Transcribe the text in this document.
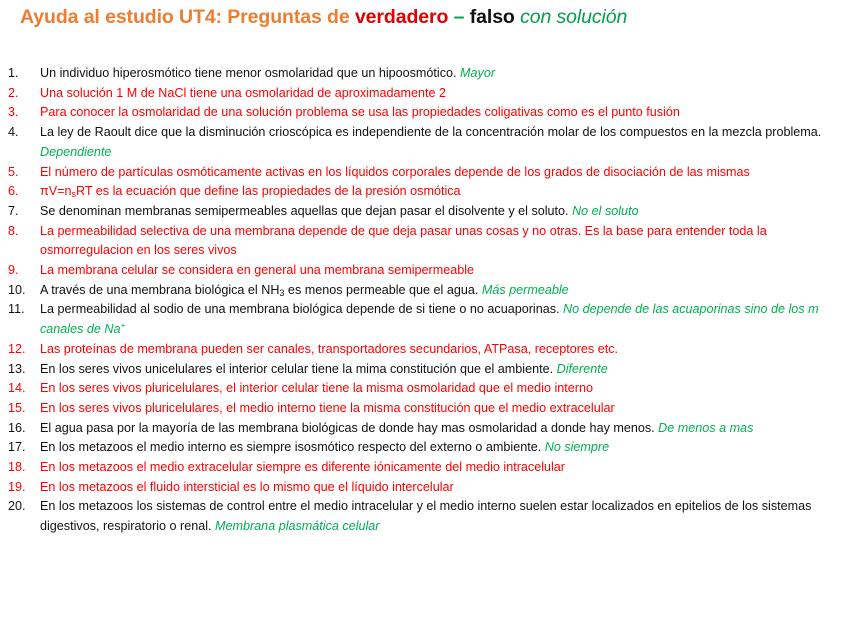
Ayuda al estudio UT4: Preguntas de verdadero – falso con solución
1.	Un individuo hiperosmótico tiene menor osmolaridad que un hipoosmótico. Mayor
2.	Una solución 1 M de NaCl tiene una osmolaridad de aproximadamente 2
3.	Para conocer la osmolaridad de una solución problema se usa las propiedades coligativas como es el punto fusión
4.	La ley de Raoult dice que la disminución crioscópica es independiente de la concentración molar de los compuestos en la mezcla problema. Dependiente
5.	El número de partículas osmóticamente activas en los líquidos corporales depende de los grados de disociación de las mismas
6.	$\pi V=n_sRT$ es la ecuación que define las propiedades de la presión osmótica
7.	Se denominan membranas semipermeables aquellas que dejan pasar el disolvente y el soluto. No el soluto
8.	La permeabilidad selectiva de una membrana depende de que deja pasar unas cosas y no otras. Es la base para entender toda la osmorregulacion en los seres vivos
9.	La membrana celular se considera en general una membrana semipermeable
10.	A través de una membrana biológica el $NH_3$ es menos permeable que el agua. Más permeable
11.	La permeabilidad al sodio de una membrana biológica depende de si tiene o no acuaporinas. No depende de las acuaporinas sino de los m canales de Na+
12.	Las proteínas de membrana pueden ser canales, transportadores secundarios, ATPasa, receptores etc.
13.	En los seres vivos unicelulares el interior celular tiene la mima constitución que el ambiente. Diferente
14.	En los seres vivos pluricelulares, el interior celular tiene la misma osmolaridad que el medio interno
15.	En los seres vivos pluricelulares, el medio interno tiene la misma constitución que el medio extracelular
16.	El agua pasa por la mayoría de las membrana biológicas de donde hay mas osmolaridad a donde hay menos. De menos a mas
17.	En los metazoos el medio interno es siempre isosmótico respecto del externo o ambiente. No siempre
18.	En los metazoos el medio extracelular siempre es diferente iónicamente del medio intracelular
19.	En los metazoos el fluido intersticial es lo mismo que el líquido intercelular
20.	En los metazoos los sistemas de control entre el medio intracelular y el medio interno suelen estar localizados en epitelios de los sistemas digestivos, respiratorio o renal. Membrana plasmática celular
